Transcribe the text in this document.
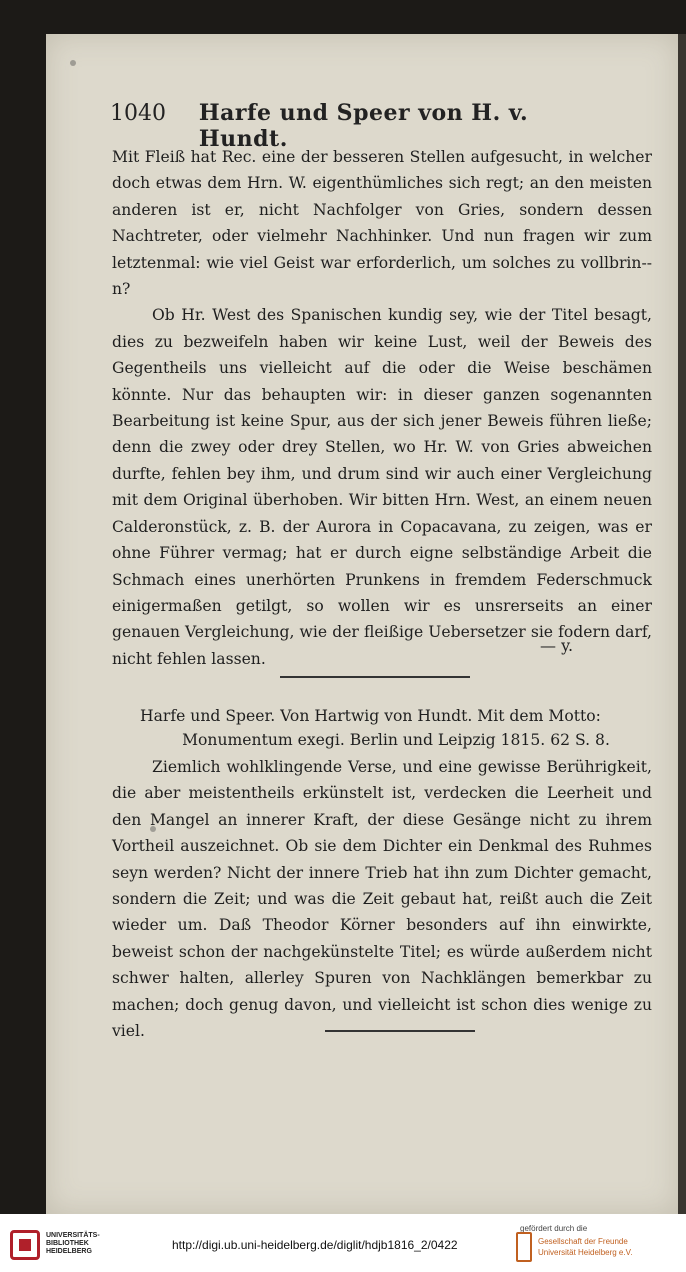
1040	Harfe und Speer von H. v. Hundt.

Mit Fleiß hat Rec. eine der besseren Stellen aufgesucht, in welcher doch etwas dem Hrn. W. eigenthümliches sich regt; an den meisten anderen ist er, nicht Nachfolger von Gries, sondern dessen Nachtreter, oder vielmehr Nachhinker. Und nun fragen wir zum letztenmal: wie viel Geist war erforderlich, um solches zu vollbrin--n?

Ob Hr. West des Spanischen kundig sey, wie der Titel besagt, dies zu bezweifeln haben wir keine Lust, weil der Beweis des Gegentheils uns vielleicht auf die oder die Weise beschämen könnte. Nur das behaupten wir: in dieser ganzen sogenannten Bearbeitung ist keine Spur, aus der sich jener Beweis führen ließe; denn die zwey oder drey Stellen, wo Hr. W. von Gries abweichen durfte, fehlen bey ihm, und drum sind wir auch einer Vergleichung mit dem Original überhoben. Wir bitten Hrn. West, an einem neuen Calderonstück, z. B. der Aurora in Copacavana, zu zeigen, was er ohne Führer vermag; hat er durch eigne selbständige Arbeit die Schmach eines unerhörten Prunkens in fremdem Federschmuck einigermaßen getilgt, so wollen wir es unsrerseits an einer genauen Vergleichung, wie der fleißige Uebersetzer sie fodern darf, nicht fehlen lassen.

— y.
Harfe und Speer. Von Hartwig von Hundt. Mit dem Motto:
Monumentum exegi. Berlin und Leipzig 1815. 62 S. 8.

Ziemlich wohlklingende Verse, und eine gewisse Berührigkeit, die aber meistentheils erkünstelt ist, verdecken die Leerheit und den Mangel an innerer Kraft, der diese Gesänge nicht zu ihrem Vortheil auszeichnet. Ob sie dem Dichter ein Denkmal des Ruhmes seyn werden? Nicht der innere Trieb hat ihn zum Dichter gemacht, sondern die Zeit; und was die Zeit gebaut hat, reißt auch die Zeit wieder um. Daß Theodor Körner besonders auf ihn einwirkte, beweist schon der nachgekünstelte Titel; es würde außerdem nicht schwer halten, allerley Spuren von Nachklängen bemerkbar zu machen; doch genug davon, und vielleicht ist schon dies wenige zu viel.

UNIVERSITÄTS-BIBLIOTHEK HEIDELBERG	http://digi.ub.uni-heidelberg.de/diglit/hdjb1816_2/0422
gefördert durch die
Gesellschaft der Freunde
Universität Heidelberg e.V.
